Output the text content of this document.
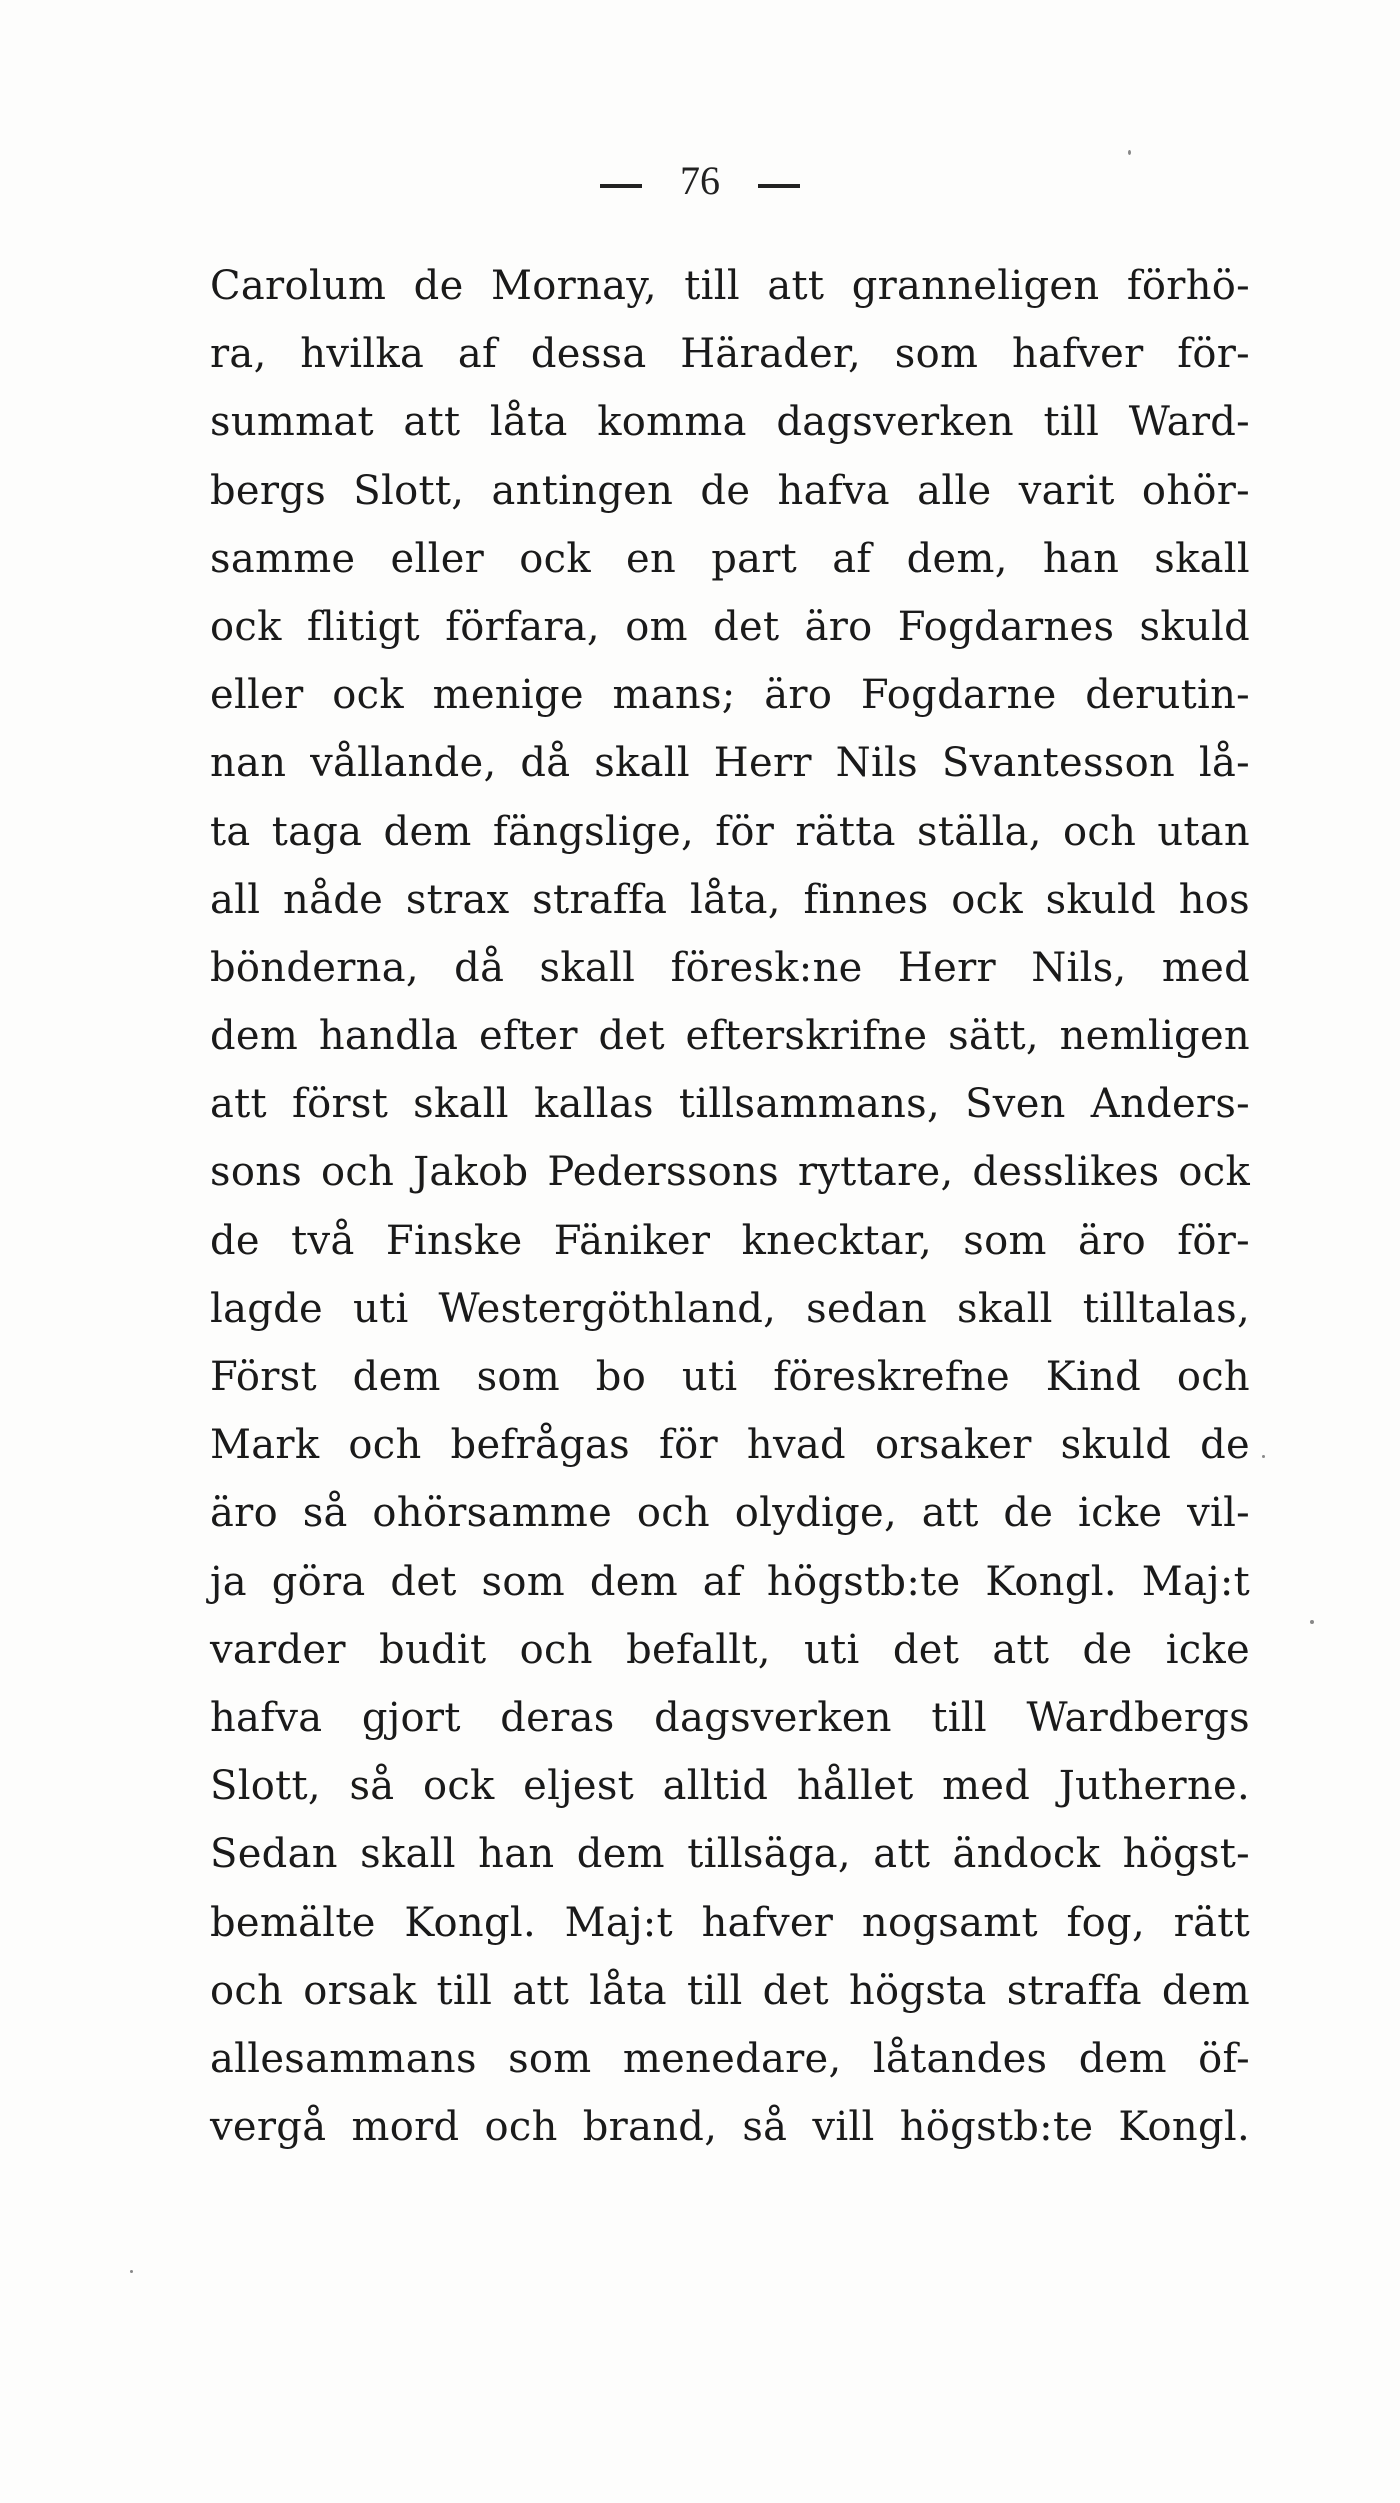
76
Carolum de Mornay, till att granneligen förhö-
ra, hvilka af dessa Härader, som hafver för-
summat att låta komma dagsverken till Ward-
bergs Slott, antingen de hafva alle varit ohör-
samme eller ock en part af dem, han skall
ock flitigt förfara, om det äro Fogdarnes skuld
eller ock menige mans; äro Fogdarne derutin-
nan vållande, då skall Herr Nils Svantesson lå-
ta taga dem fängslige, för rätta ställa, och utan
all nåde strax straffa låta, finnes ock skuld hos
bönderna, då skall föresk:ne Herr Nils, med
dem handla efter det efterskrifne sätt, nemligen
att först skall kallas tillsammans, Sven Anders-
sons och Jakob Pederssons ryttare, desslikes ock
de två Finske Fäniker knecktar, som äro för-
lagde uti Westergöthland, sedan skall tilltalas,
Först dem som bo uti föreskrefne Kind och
Mark och befrågas för hvad orsaker skuld de
äro så ohörsamme och olydige, att de icke vil-
ja göra det som dem af högstb:te Kongl. Maj:t
varder budit och befallt, uti det att de icke
hafva gjort deras dagsverken till Wardbergs
Slott, så ock eljest alltid hållet med Jutherne.
Sedan skall han dem tillsäga, att ändock högst-
bemälte Kongl. Maj:t hafver nogsamt fog, rätt
och orsak till att låta till det högsta straffa dem
allesammans som menedare, låtandes dem öf-
vergå mord och brand, så vill högstb:te Kongl.
